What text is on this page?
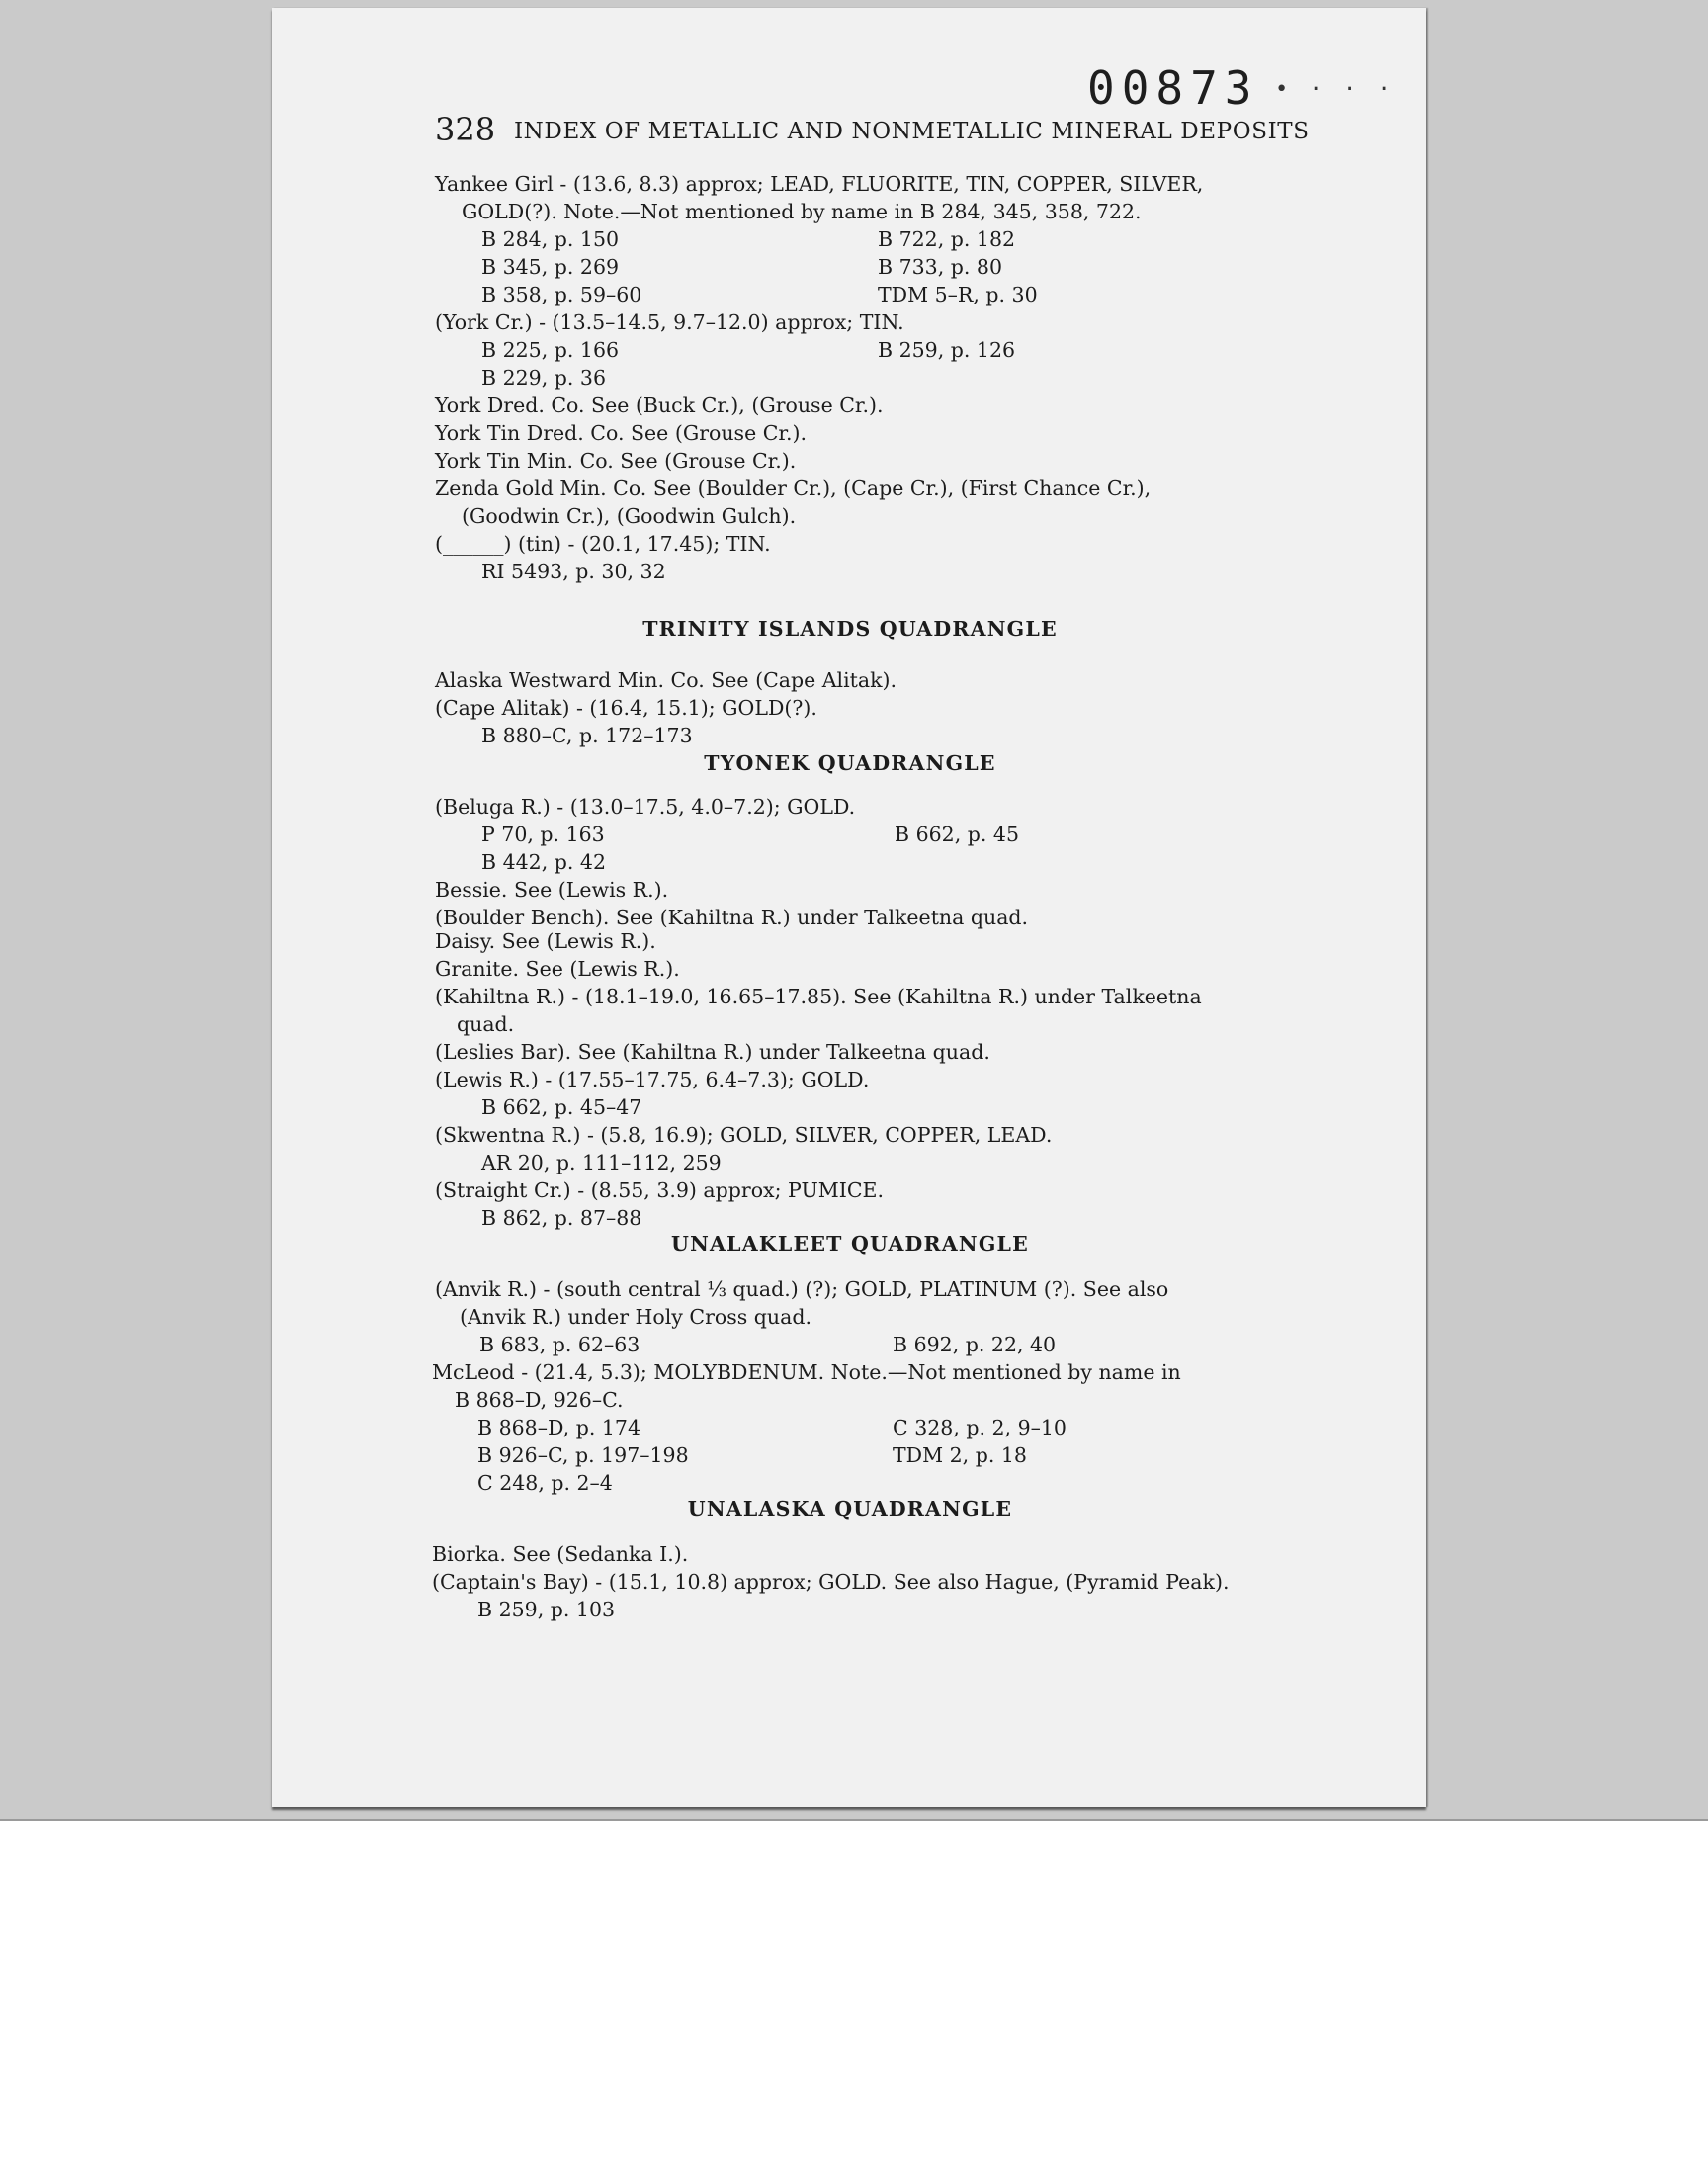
00873 • · · ·
328 INDEX OF METALLIC AND NONMETALLIC MINERAL DEPOSITS
Yankee Girl - (13.6, 8.3) approx; LEAD, FLUORITE, TIN, COPPER, SILVER,
GOLD(?). Note.—Not mentioned by name in B 284, 345, 358, 722.
B 284, p. 150	B 722, p. 182
B 345, p. 269	B 733, p. 80
B 358, p. 59–60	TDM 5–R, p. 30
(York Cr.) - (13.5–14.5, 9.7–12.0) approx; TIN.
B 225, p. 166	B 259, p. 126
B 229, p. 36
York Dred. Co. See (Buck Cr.), (Grouse Cr.).
York Tin Dred. Co. See (Grouse Cr.).
York Tin Min. Co. See (Grouse Cr.).
Zenda Gold Min. Co. See (Boulder Cr.), (Cape Cr.), (First Chance Cr.),
(Goodwin Cr.), (Goodwin Gulch).
(______) (tin) - (20.1, 17.45); TIN.
RI 5493, p. 30, 32
TRINITY ISLANDS QUADRANGLE
Alaska Westward Min. Co. See (Cape Alitak).
(Cape Alitak) - (16.4, 15.1); GOLD(?).
B 880–C, p. 172–173
TYONEK QUADRANGLE
(Beluga R.) - (13.0–17.5, 4.0–7.2); GOLD.
P 70, p. 163	B 662, p. 45
B 442, p. 42
Bessie. See (Lewis R.).
(Boulder Bench). See (Kahiltna R.) under Talkeetna quad.
Daisy. See (Lewis R.).
Granite. See (Lewis R.).
(Kahiltna R.) - (18.1–19.0, 16.65–17.85). See (Kahiltna R.) under Talkeetna
quad.
(Leslies Bar). See (Kahiltna R.) under Talkeetna quad.
(Lewis R.) - (17.55–17.75, 6.4–7.3); GOLD.
B 662, p. 45–47
(Skwentna R.) - (5.8, 16.9); GOLD, SILVER, COPPER, LEAD.
AR 20, p. 111–112, 259
(Straight Cr.) - (8.55, 3.9) approx; PUMICE.
B 862, p. 87–88
UNALAKLEET QUADRANGLE
(Anvik R.) - (south central ⅓ quad.) (?); GOLD, PLATINUM (?). See also
(Anvik R.) under Holy Cross quad.
B 683, p. 62–63	B 692, p. 22, 40
McLeod - (21.4, 5.3); MOLYBDENUM. Note.—Not mentioned by name in
B 868–D, 926–C.
B 868–D, p. 174	C 328, p. 2, 9–10
B 926–C, p. 197–198	TDM 2, p. 18
C 248, p. 2–4
UNALASKA QUADRANGLE
Biorka. See (Sedanka I.).
(Captain's Bay) - (15.1, 10.8) approx; GOLD. See also Hague, (Pyramid Peak).
B 259, p. 103
